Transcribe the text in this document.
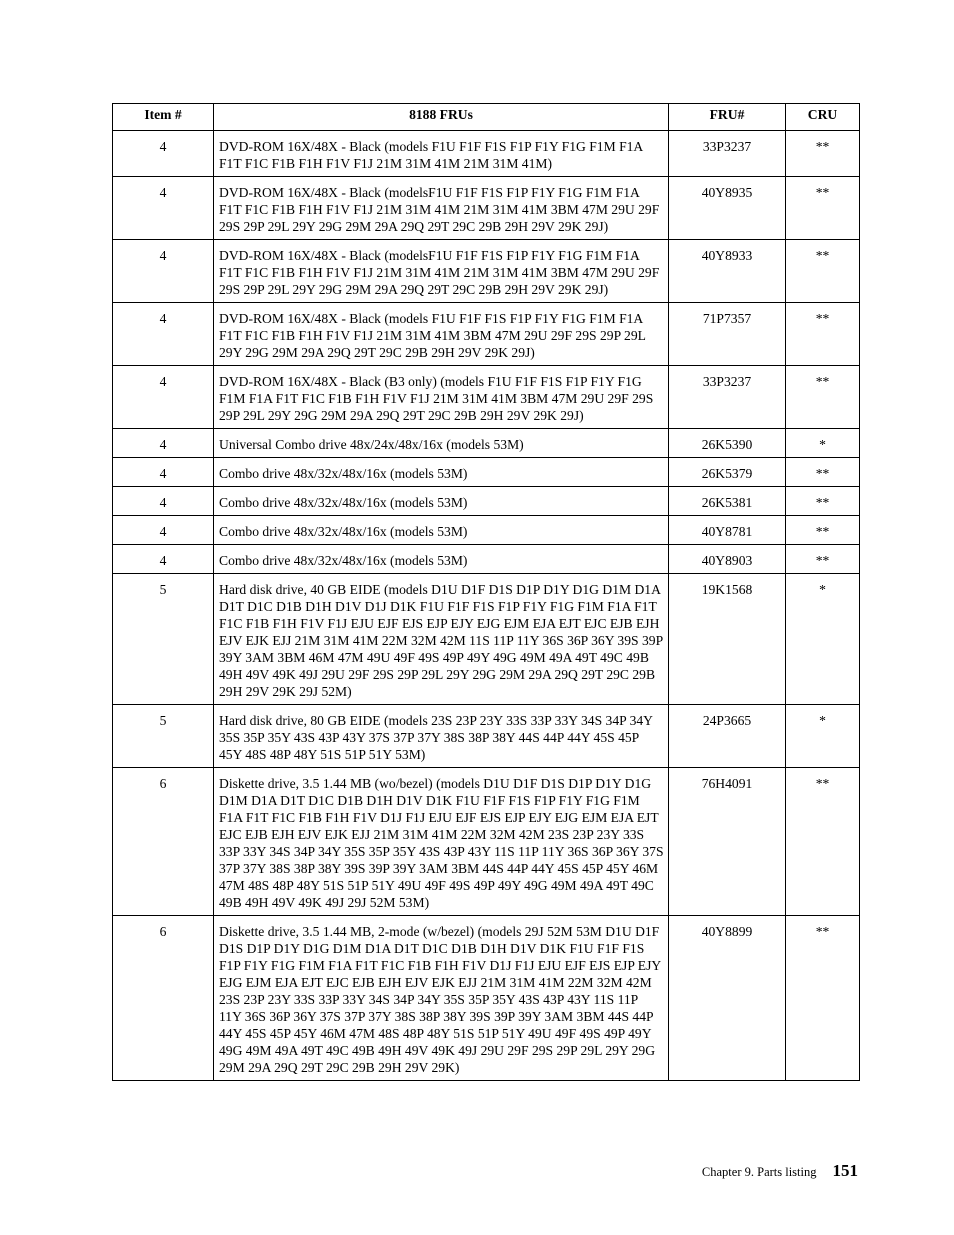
Item #	8188 FRUs	FRU#	CRU
4	DVD-ROM 16X/48X - Black (models F1U F1F F1S F1P F1Y F1G F1M F1A F1T F1C F1B F1H F1V F1J 21M 31M 41M 21M 31M 41M)	33P3237	**
4	DVD-ROM 16X/48X - Black (modelsF1U F1F F1S F1P F1Y F1G F1M F1A F1T F1C F1B F1H F1V F1J 21M 31M 41M 21M 31M 41M 3BM 47M 29U 29F 29S 29P 29L 29Y 29G 29M 29A 29Q 29T 29C 29B 29H 29V 29K 29J)	40Y8935	**
4	DVD-ROM 16X/48X - Black (modelsF1U F1F F1S F1P F1Y F1G F1M F1A F1T F1C F1B F1H F1V F1J 21M 31M 41M 21M 31M 41M 3BM 47M 29U 29F 29S 29P 29L 29Y 29G 29M 29A 29Q 29T 29C 29B 29H 29V 29K 29J)	40Y8933	**
4	DVD-ROM 16X/48X - Black (models F1U F1F F1S F1P F1Y F1G F1M F1A F1T F1C F1B F1H F1V F1J 21M 31M 41M 3BM 47M 29U 29F 29S 29P 29L 29Y 29G 29M 29A 29Q 29T 29C 29B 29H 29V 29K 29J)	71P7357	**
4	DVD-ROM 16X/48X - Black (B3 only) (models F1U F1F F1S F1P F1Y F1G F1M F1A F1T F1C F1B F1H F1V F1J 21M 31M 41M 3BM 47M 29U 29F 29S 29P 29L 29Y 29G 29M 29A 29Q 29T 29C 29B 29H 29V 29K 29J)	33P3237	**
4	Universal Combo drive 48x/24x/48x/16x (models 53M)	26K5390	*
4	Combo drive 48x/32x/48x/16x (models 53M)	26K5379	**
4	Combo drive 48x/32x/48x/16x (models 53M)	26K5381	**
4	Combo drive 48x/32x/48x/16x (models 53M)	40Y8781	**
4	Combo drive 48x/32x/48x/16x (models 53M)	40Y8903	**
5	Hard disk drive, 40 GB EIDE (models D1U D1F D1S D1P D1Y D1G D1M D1A D1T D1C D1B D1H D1V D1J D1K F1U F1F F1S F1P F1Y F1G F1M F1A F1T F1C F1B F1H F1V F1J EJU EJF EJS EJP EJY EJG EJM EJA EJT EJC EJB EJH EJV EJK EJJ 21M 31M 41M 22M 32M 42M 11S 11P 11Y 36S 36P 36Y 39S 39P 39Y 3AM 3BM 46M 47M 49U 49F 49S 49P 49Y 49G 49M 49A 49T 49C 49B 49H 49V 49K 49J 29U 29F 29S 29P 29L 29Y 29G 29M 29A 29Q 29T 29C 29B 29H 29V 29K 29J 52M)	19K1568	*
5	Hard disk drive, 80 GB EIDE (models 23S 23P 23Y 33S 33P 33Y 34S 34P 34Y 35S 35P 35Y 43S 43P 43Y 37S 37P 37Y 38S 38P 38Y 44S 44P 44Y 45S 45P 45Y 48S 48P 48Y 51S 51P 51Y 53M)	24P3665	*
6	Diskette drive, 3.5 1.44 MB (wo/bezel) (models D1U D1F D1S D1P D1Y D1G D1M D1A D1T D1C D1B D1H D1V D1K F1U F1F F1S F1P F1Y F1G F1M F1A F1T F1C F1B F1H F1V D1J F1J EJU EJF EJS EJP EJY EJG EJM EJA EJT EJC EJB EJH EJV EJK EJJ 21M 31M 41M 22M 32M 42M 23S 23P 23Y 33S 33P 33Y 34S 34P 34Y 35S 35P 35Y 43S 43P 43Y 11S 11P 11Y 36S 36P 36Y 37S 37P 37Y 38S 38P 38Y 39S 39P 39Y 3AM 3BM 44S 44P 44Y 45S 45P 45Y 46M 47M 48S 48P 48Y 51S 51P 51Y 49U 49F 49S 49P 49Y 49G 49M 49A 49T 49C 49B 49H 49V 49K 49J 29J 52M 53M)	76H4091	**
6	Diskette drive, 3.5 1.44 MB, 2-mode (w/bezel) (models 29J 52M 53M D1U D1F D1S D1P D1Y D1G D1M D1A D1T D1C D1B D1H D1V D1K F1U F1F F1S F1P F1Y F1G F1M F1A F1T F1C F1B F1H F1V D1J F1J EJU EJF EJS EJP EJY EJG EJM EJA EJT EJC EJB EJH EJV EJK EJJ 21M 31M 41M 22M 32M 42M 23S 23P 23Y 33S 33P 33Y 34S 34P 34Y 35S 35P 35Y 43S 43P 43Y 11S 11P 11Y 36S 36P 36Y 37S 37P 37Y 38S 38P 38Y 39S 39P 39Y 3AM 3BM 44S 44P 44Y 45S 45P 45Y 46M 47M 48S 48P 48Y 51S 51P 51Y 49U 49F 49S 49P 49Y 49G 49M 49A 49T 49C 49B 49H 49V 49K 49J 29U 29F 29S 29P 29L 29Y 29G 29M 29A 29Q 29T 29C 29B 29H 29V 29K)	40Y8899	**
Chapter 9. Parts listing 151
